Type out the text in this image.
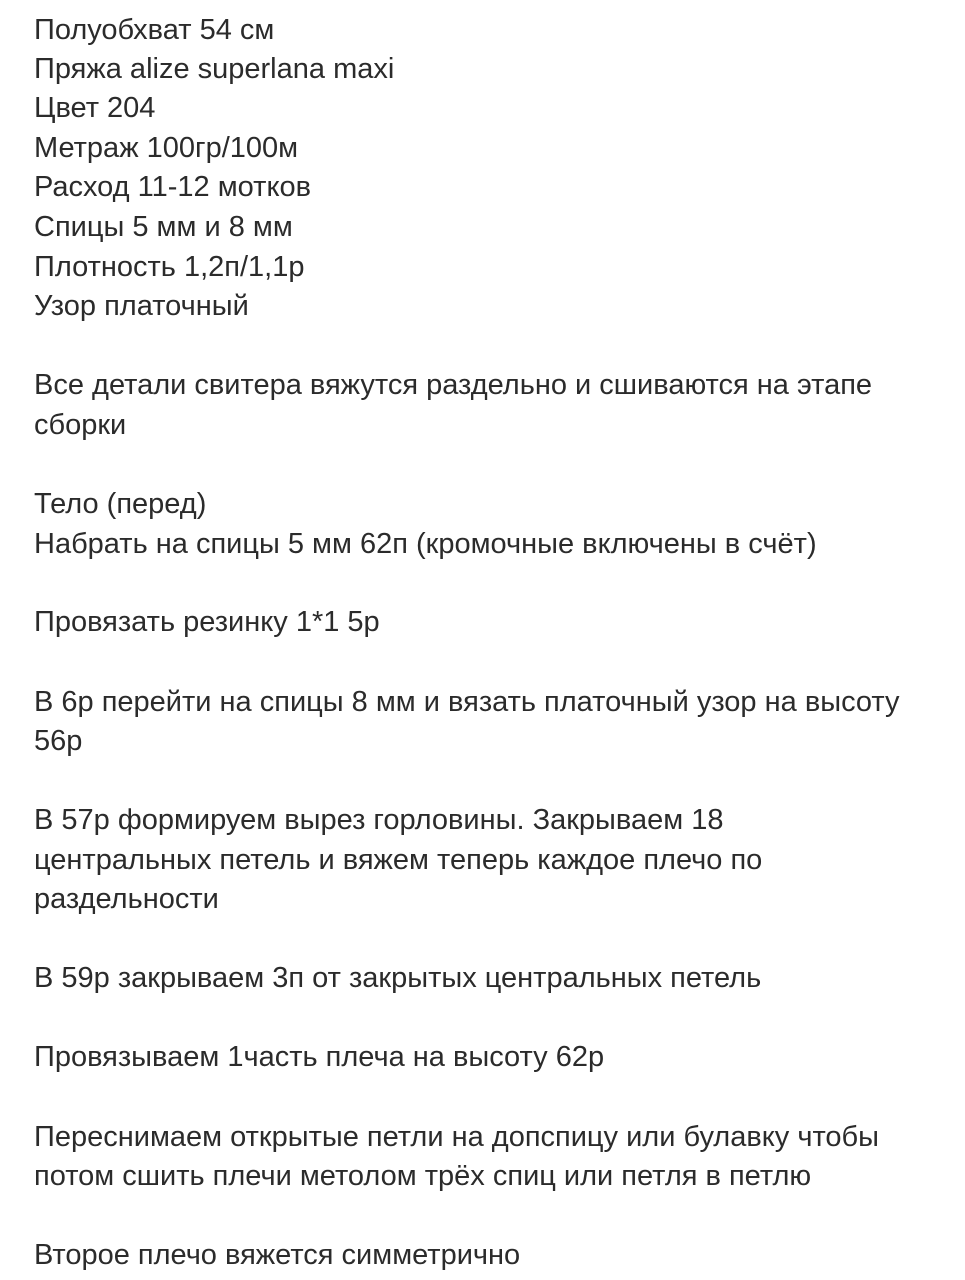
Полуобхват 54 см
Пряжа alize superlana maxi
Цвет 204
Метраж 100гр/100м
Расход 11-12 мотков
Спицы 5 мм и 8 мм
Плотность 1,2п/1,1р
Узор платочный
Все детали свитера вяжутся раздельно и сшиваются на этапе
сборки
Тело (перед)
Набрать на спицы 5 мм 62п (кромочные включены в счёт)
Провязать резинку 1*1 5р
В 6р перейти на спицы 8 мм и вязать платочный узор на высоту
56р
В 57р формируем вырез горловины. Закрываем 18
центральных петель и вяжем теперь каждое плечо по
раздельности
В 59р закрываем 3п от закрытых центральных петель
Провязываем 1часть плеча на высоту 62р
Переснимаем открытые петли на допспицу или булавку чтобы
потом сшить плечи метолом трёх спиц или петля в петлю
Второе плечо вяжется симметрично
